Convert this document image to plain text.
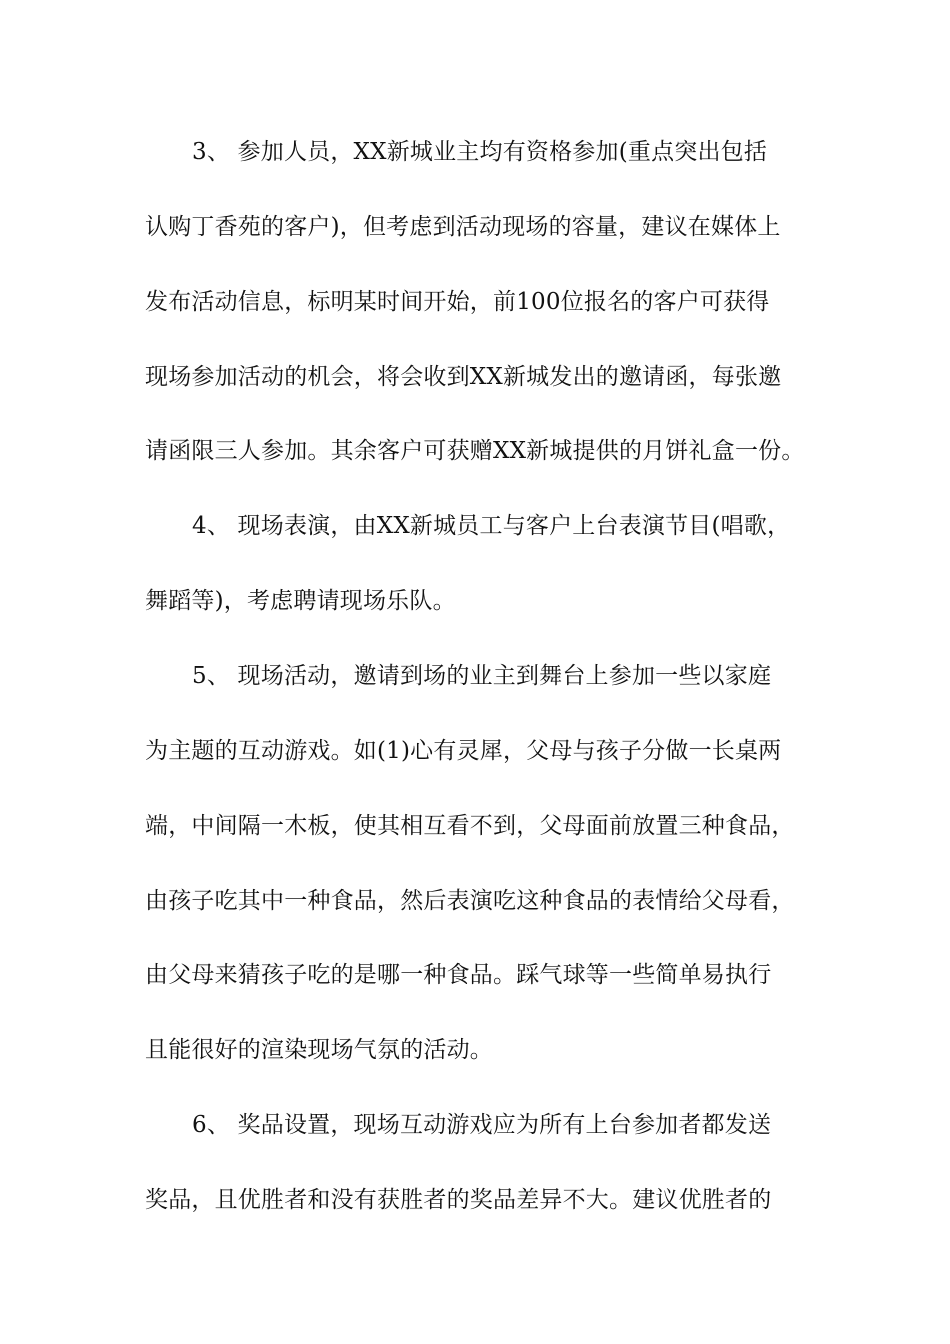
3、 参加人员，XX新城业主均有资格参加(重点突出包括
认购丁香苑的客户)，但考虑到活动现场的容量，建议在媒体上
发布活动信息，标明某时间开始，前100位报名的客户可获得
现场参加活动的机会，将会收到XX新城发出的邀请函，每张邀
请函限三人参加。其余客户可获赠XX新城提供的月饼礼盒一份。
4、 现场表演，由XX新城员工与客户上台表演节目(唱歌，
舞蹈等)，考虑聘请现场乐队。
5、 现场活动，邀请到场的业主到舞台上参加一些以家庭
为主题的互动游戏。如(1)心有灵犀，父母与孩子分做一长桌两
端，中间隔一木板，使其相互看不到，父母面前放置三种食品，
由孩子吃其中一种食品，然后表演吃这种食品的表情给父母看，
由父母来猜孩子吃的是哪一种食品。踩气球等一些简单易执行
且能很好的渲染现场气氛的活动。
6、 奖品设置，现场互动游戏应为所有上台参加者都发送
奖品，且优胜者和没有获胜者的奖品差异不大。建议优胜者的
